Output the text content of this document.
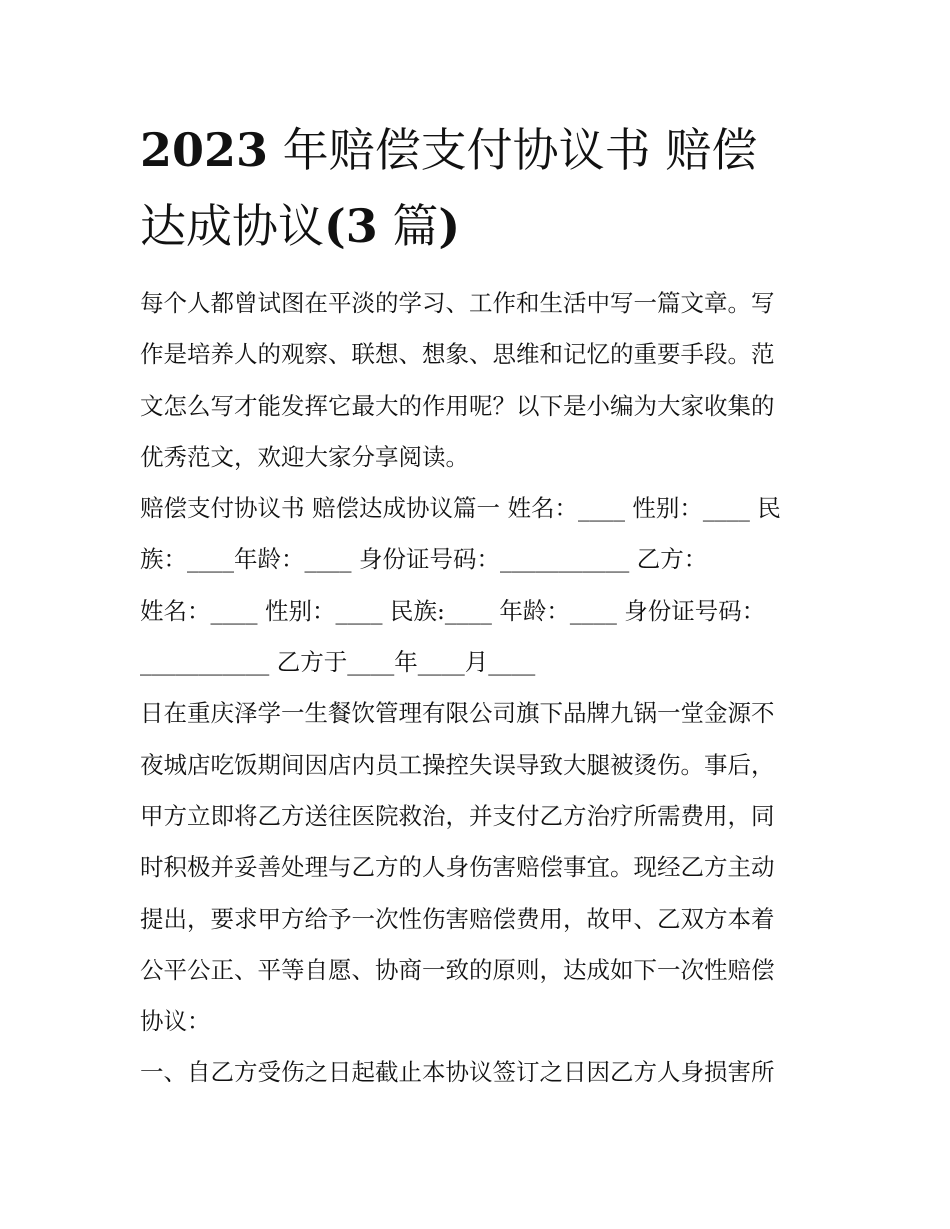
2023 年赔偿支付协议书 赔偿
达成协议(3 篇)
每个人都曾试图在平淡的学习、工作和生活中写一篇文章。写
作是培养人的观察、联想、想象、思维和记忆的重要手段。范
文怎么写才能发挥它最大的作用呢？以下是小编为大家收集的
优秀范文，欢迎大家分享阅读。
赔偿支付协议书 赔偿达成协议篇一 姓名：____ 性别：____ 民
族：____年龄：____ 身份证号码：___________ 乙方：
姓名：____ 性别：____ 民族:____ 年龄：____ 身份证号码：
___________ 乙方于____年____月____
日在重庆泽学一生餐饮管理有限公司旗下品牌九锅一堂金源不
夜城店吃饭期间因店内员工操控失误导致大腿被烫伤。事后，
甲方立即将乙方送往医院救治，并支付乙方治疗所需费用，同
时积极并妥善处理与乙方的人身伤害赔偿事宜。现经乙方主动
提出，要求甲方给予一次性伤害赔偿费用，故甲、乙双方本着
公平公正、平等自愿、协商一致的原则，达成如下一次性赔偿
协议：
一、自乙方受伤之日起截止本协议签订之日因乙方人身损害所
